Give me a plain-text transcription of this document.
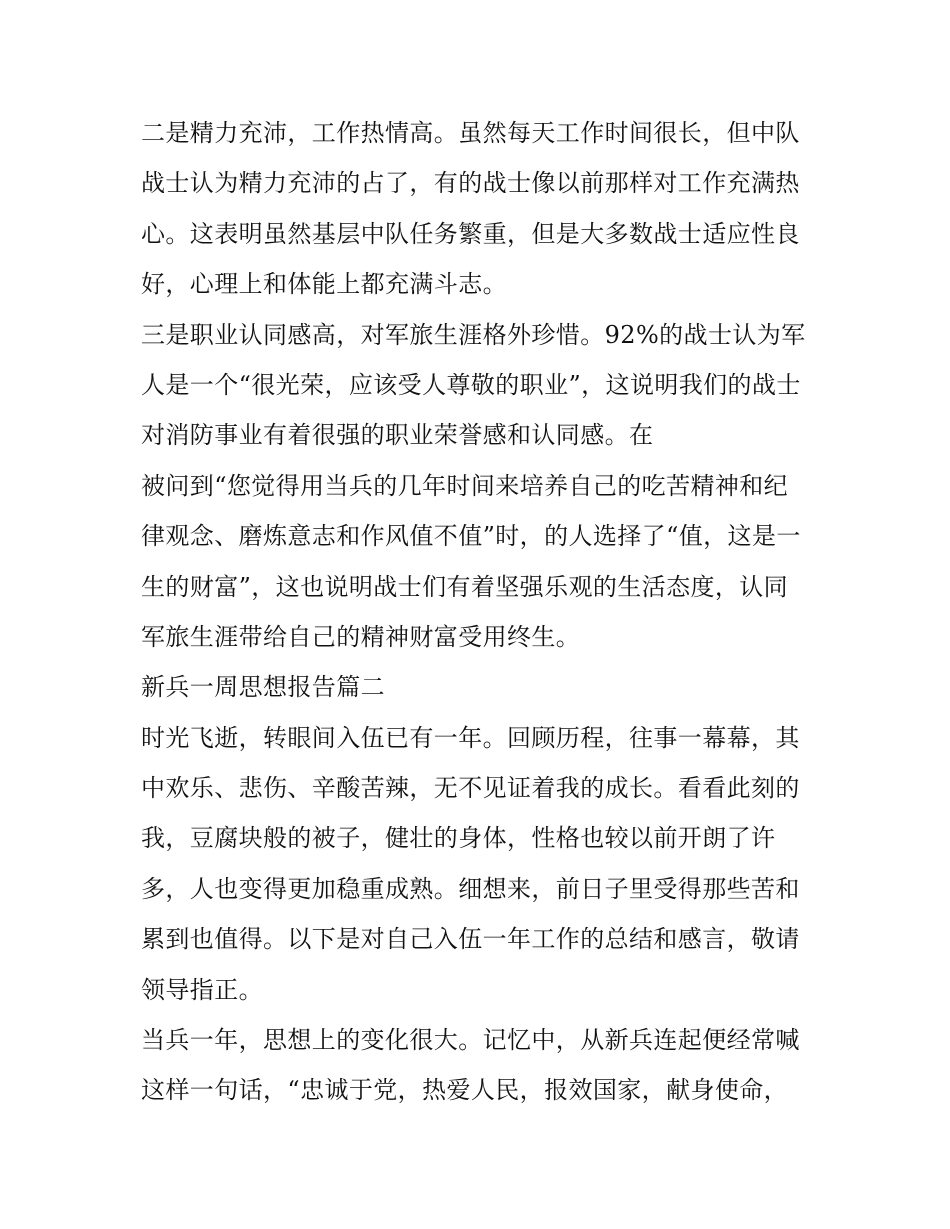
二是精力充沛，工作热情高。虽然每天工作时间很长，但中队
战士认为精力充沛的占了，有的战士像以前那样对工作充满热
心。这表明虽然基层中队任务繁重，但是大多数战士适应性良
好，心理上和体能上都充满斗志。
三是职业认同感高，对军旅生涯格外珍惜。92%的战士认为军
人是一个“很光荣，应该受人尊敬的职业”，这说明我们的战士
对消防事业有着很强的职业荣誉感和认同感。在
被问到“您觉得用当兵的几年时间来培养自己的吃苦精神和纪
律观念、磨炼意志和作风值不值”时，的人选择了“值，这是一
生的财富”，这也说明战士们有着坚强乐观的生活态度，认同
军旅生涯带给自己的精神财富受用终生。
新兵一周思想报告篇二
时光飞逝，转眼间入伍已有一年。回顾历程，往事一幕幕，其
中欢乐、悲伤、辛酸苦辣，无不见证着我的成长。看看此刻的
我，豆腐块般的被子，健壮的身体，性格也较以前开朗了许
多，人也变得更加稳重成熟。细想来，前日子里受得那些苦和
累到也值得。以下是对自己入伍一年工作的总结和感言，敬请
领导指正。
当兵一年，思想上的变化很大。记忆中，从新兵连起便经常喊
这样一句话，“忠诚于党，热爱人民，报效国家，献身使命，
